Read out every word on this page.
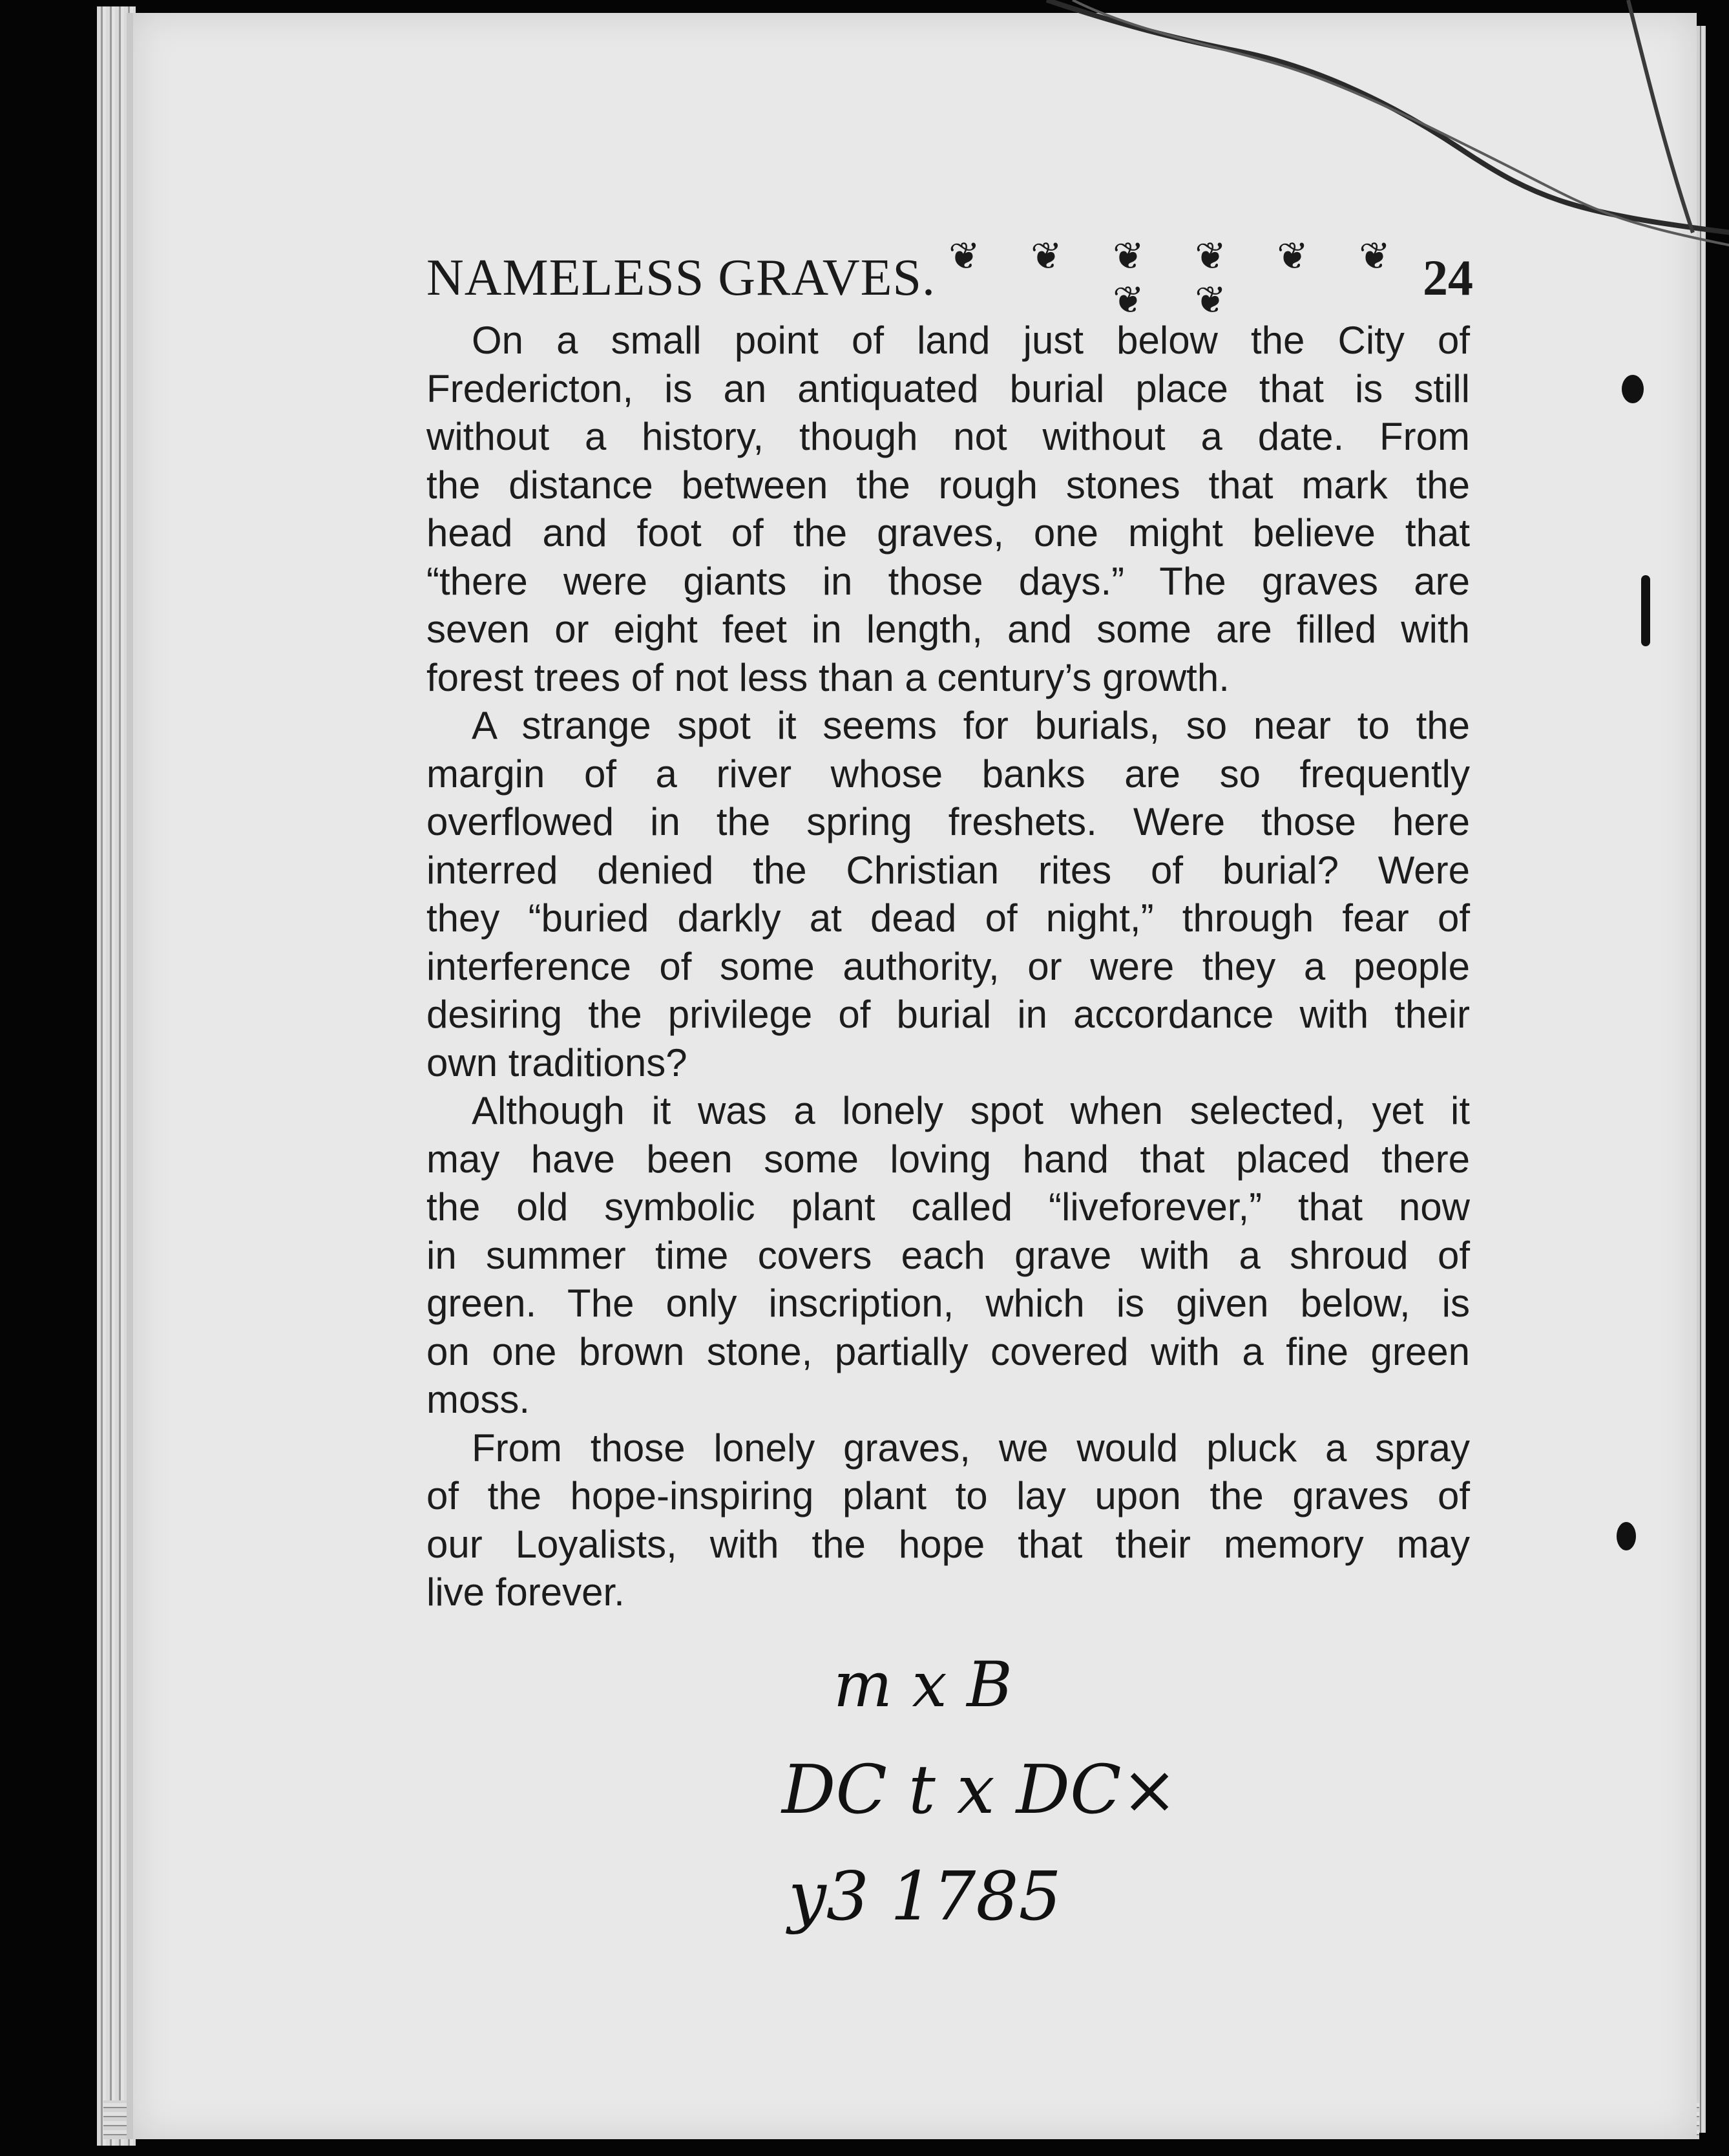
NAMELESS GRAVES. ❦ ❦ ❦ ❦ ❦ ❦ ❦ ❦	24
On a small point of land just below the City of
Fredericton, is an antiquated burial place that is still
without a history, though not without a date. From
the distance between the rough stones that mark the
head and foot of the graves, one might believe that
“there were giants in those days.” The graves are
seven or eight feet in length, and some are filled with
forest trees of not less than a century’s growth.
A strange spot it seems for burials, so near to the
margin of a river whose banks are so frequently
overflowed in the spring freshets. Were those here
interred denied the Christian rites of burial? Were
they “buried darkly at dead of night,” through fear of
interference of some authority, or were they a people
desiring the privilege of burial in accordance with their
own traditions?
Although it was a lonely spot when selected, yet it
may have been some loving hand that placed there
the old symbolic plant called “liveforever,” that now
in summer time covers each grave with a shroud of
green. The only inscription, which is given below, is
on one brown stone, partially covered with a fine green
moss.
From those lonely graves, we would pluck a spray
of the hope-inspiring plant to lay upon the graves of
our Loyalists, with the hope that their memory may
live forever.
m x B
DC t x DC×
y3 1785
